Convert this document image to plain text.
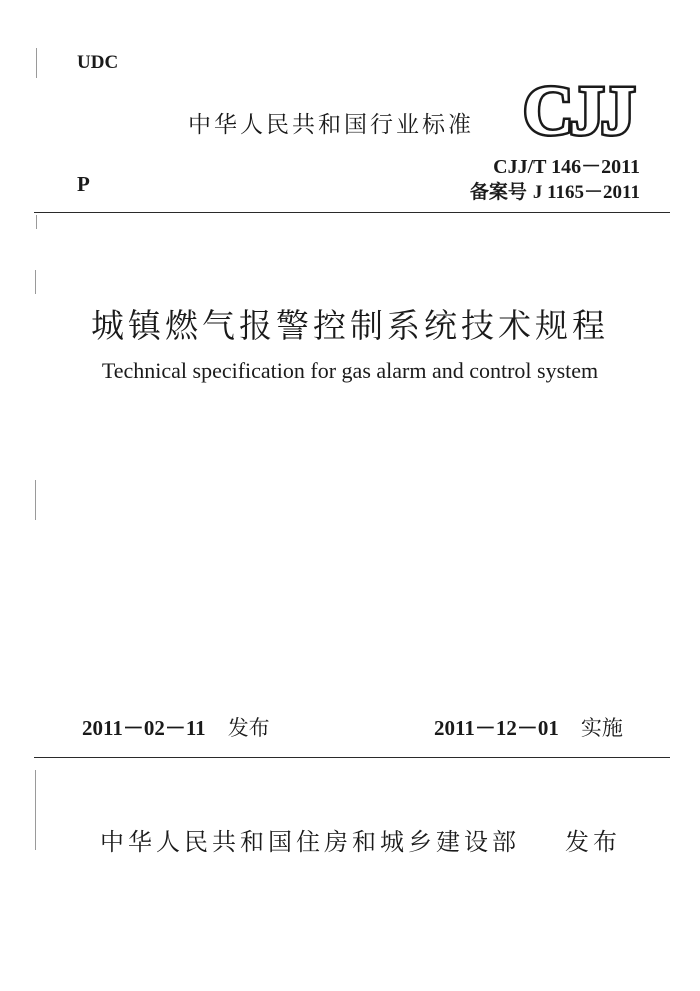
UDC
中华人民共和国行业标准 CJJ
P
CJJ/T 146－2011
备案号 J 1165－2011
城镇燃气报警控制系统技术规程
Technical specification for gas alarm and control system
2011－02－11 发布	2011－12－01 实施
中华人民共和国住房和城乡建设部 发布
